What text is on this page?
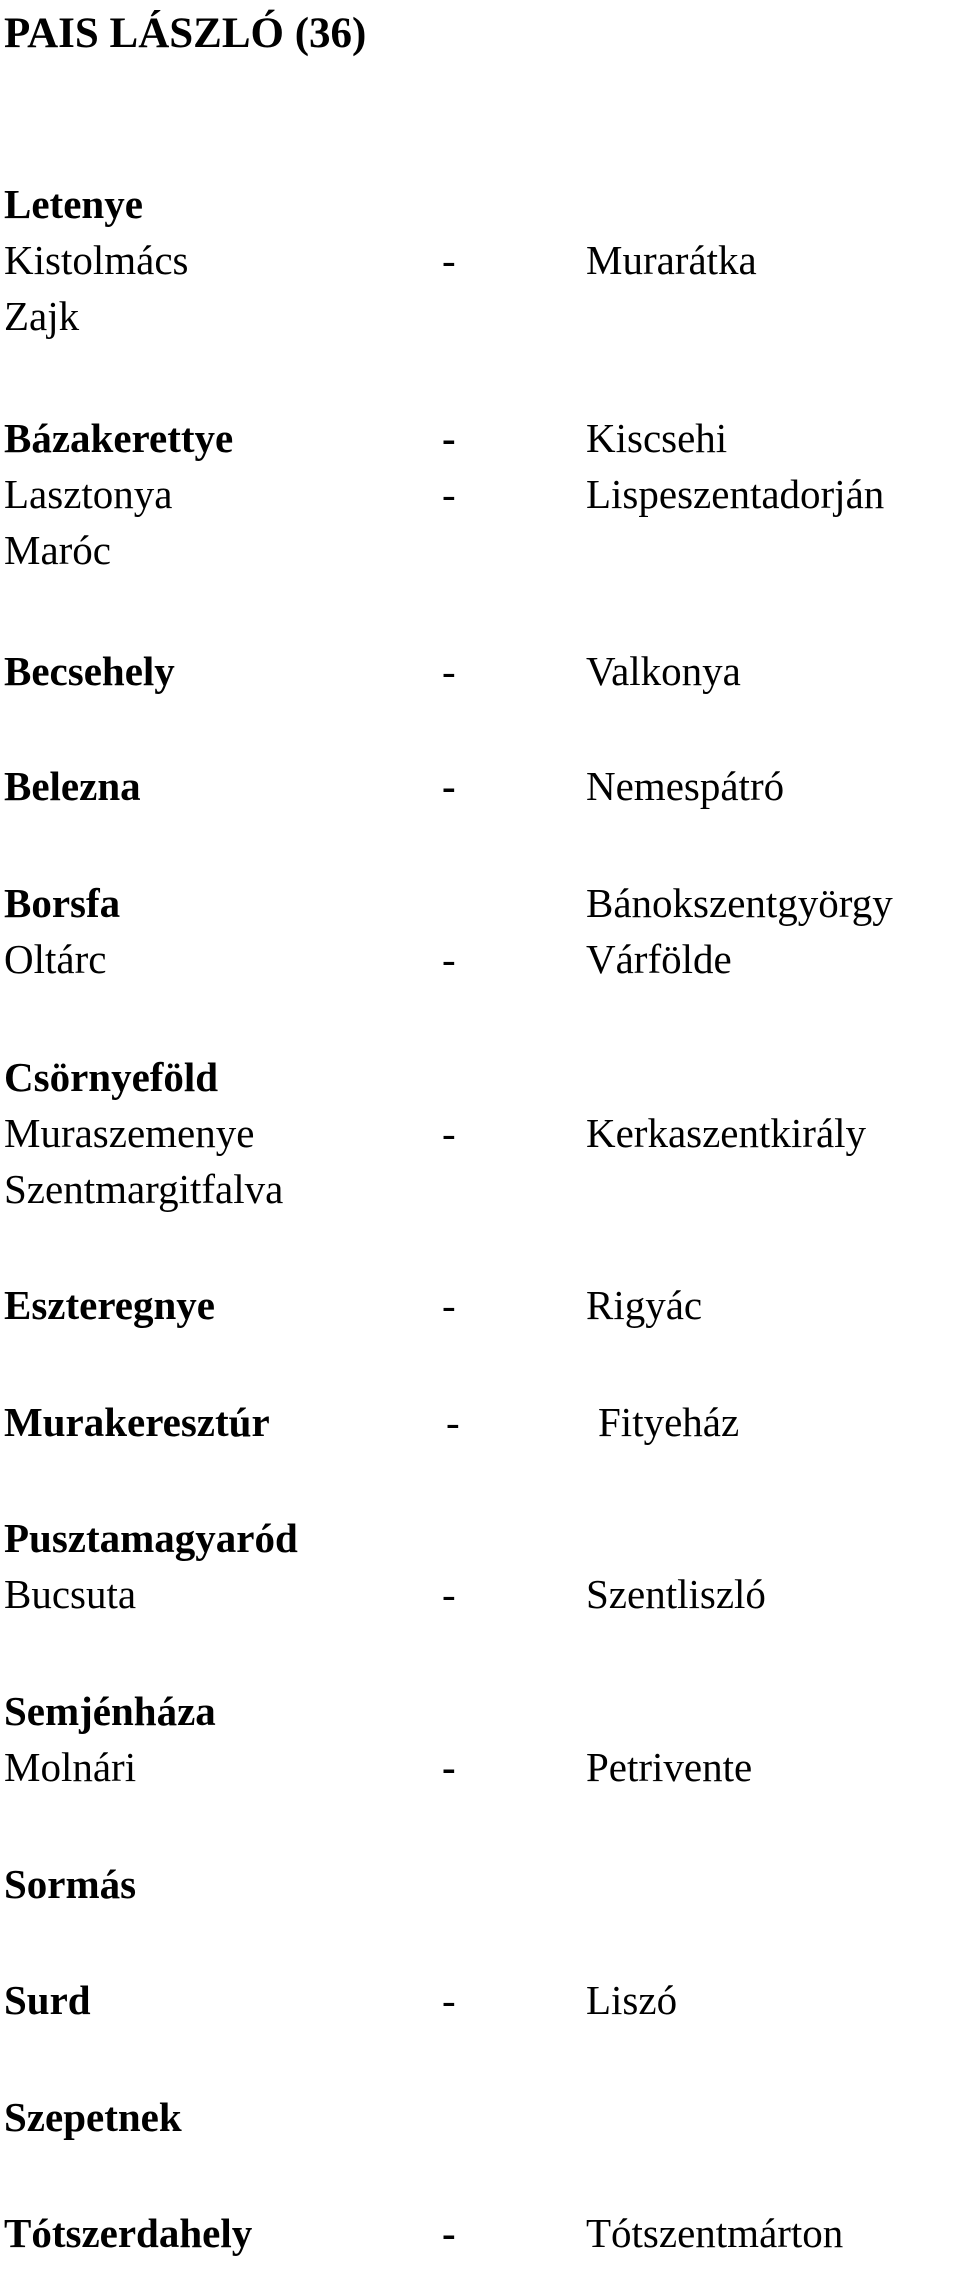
PAIS LÁSZLÓ (36)
Letenye
Kistolmács	-	Murarátka
Zajk
Bázakerettye	-	Kiscsehi
Lasztonya	-	Lispeszentadorján
Maróc
Becsehely	-	Valkonya
Belezna	-	Nemespátró
Borsfa	Bánokszentgyörgy
Oltárc	-	Várfölde
Csörnyeföld
Muraszemenye	-	Kerkaszentkirály
Szentmargitfalva
Eszteregnye	-	Rigyác
Murakeresztúr	-	Fityeház
Pusztamagyaród
Bucsuta	-	Szentliszló
Semjénháza
Molnári	-	Petrivente
Sormás
Surd	-	Liszó
Szepetnek
Tótszerdahely	-	Tótszentmárton
